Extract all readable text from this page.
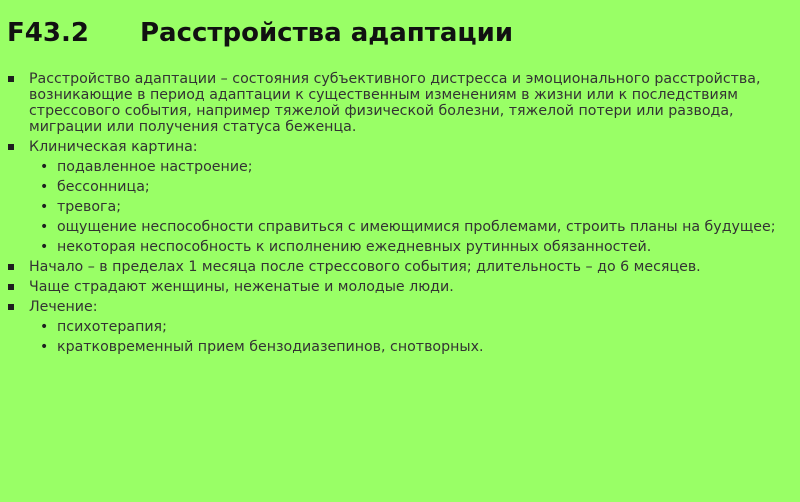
F43.2	Расстройства адаптации
Расстройство адаптации – состояния субъективного дистресса и эмоционального расстройства, возникающие в период адаптации к существенным изменениям в жизни или к последствиям стрессового события, например тяжелой физической болезни, тяжелой потери или развода, миграции или получения статуса беженца.
Клиническая картина:
• подавленное настроение;
• бессонница;
• тревога;
• ощущение неспособности справиться с имеющимися проблемами, строить планы на будущее;
• некоторая неспособность к исполнению ежедневных рутинных обязанностей.
Начало – в пределах 1 месяца после стрессового события; длительность – до 6 месяцев.
Чаще страдают женщины, неженатые и молодые люди.
Лечение:
• психотерапия;
• кратковременный прием бензодиазепинов, снотворных.
